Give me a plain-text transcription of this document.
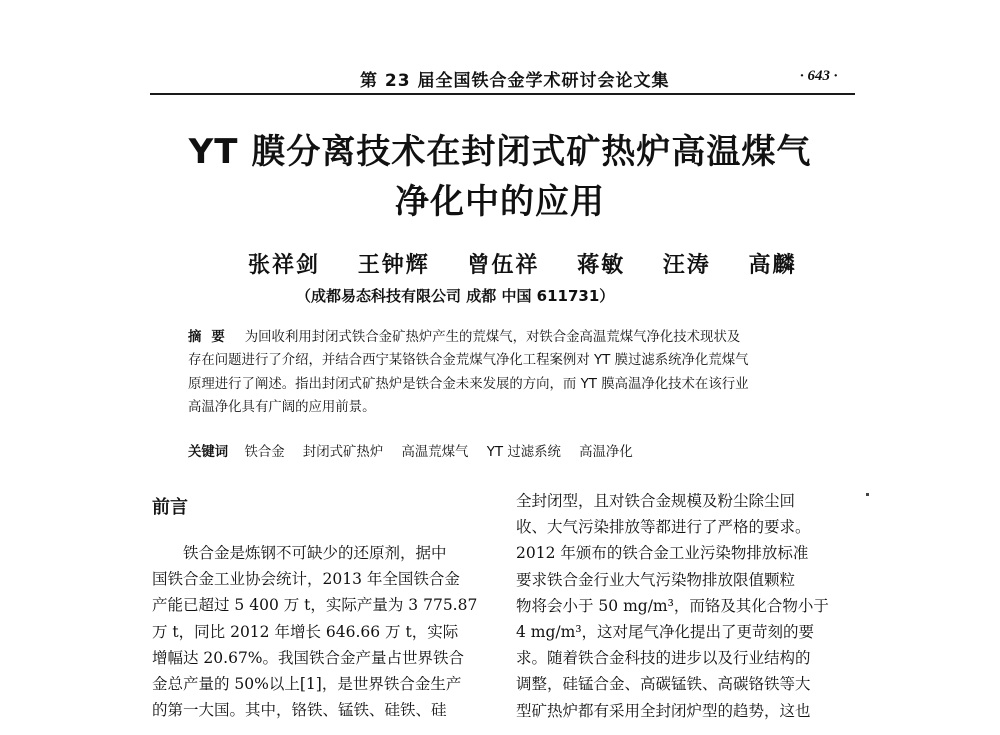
第 23 届全国铁合金学术研讨会论文集	· 643 ·
YT 膜分离技术在封闭式矿热炉高温煤气
净化中的应用
张祥剑 王钟辉 曾伍祥 蒋敏 汪涛 高麟
（成都易态科技有限公司 成都 中国 611731）
摘要 为回收利用封闭式铁合金矿热炉产生的荒煤气，对铁合金高温荒煤气净化技术现状及
存在问题进行了介绍，并结合西宁某铬铁合金荒煤气净化工程案例对 YT 膜过滤系统净化荒煤气
原理进行了阐述。指出封闭式矿热炉是铁合金未来发展的方向，而 YT 膜高温净化技术在该行业
高温净化具有广阔的应用前景。
关键词 铁合金 封闭式矿热炉 高温荒煤气 YT 过滤系统 高温净化
前言
　　铁合金是炼钢不可缺少的还原剂，据中
国铁合金工业协会统计，2013 年全国铁合金
产能已超过 5 400 万 t，实际产量为 3 775.87
万 t，同比 2012 年增长 646.66 万 t，实际
增幅达 20.67%。我国铁合金产量占世界铁合
金总产量的 50%以上[1]，是世界铁合金生产
的第一大国。其中，铬铁、锰铁、硅铁、硅
全封闭型，且对铁合金规模及粉尘除尘回
收、大气污染排放等都进行了严格的要求。
2012 年颁布的铁合金工业污染物排放标准
要求铁合金行业大气污染物排放限值颗粒
物将会小于 50 mg/m³，而铬及其化合物小于
4 mg/m³，这对尾气净化提出了更苛刻的要
求。随着铁合金科技的进步以及行业结构的
调整，硅锰合金、高碳锰铁、高碳铬铁等大
型矿热炉都有采用全封闭炉型的趋势，这也
